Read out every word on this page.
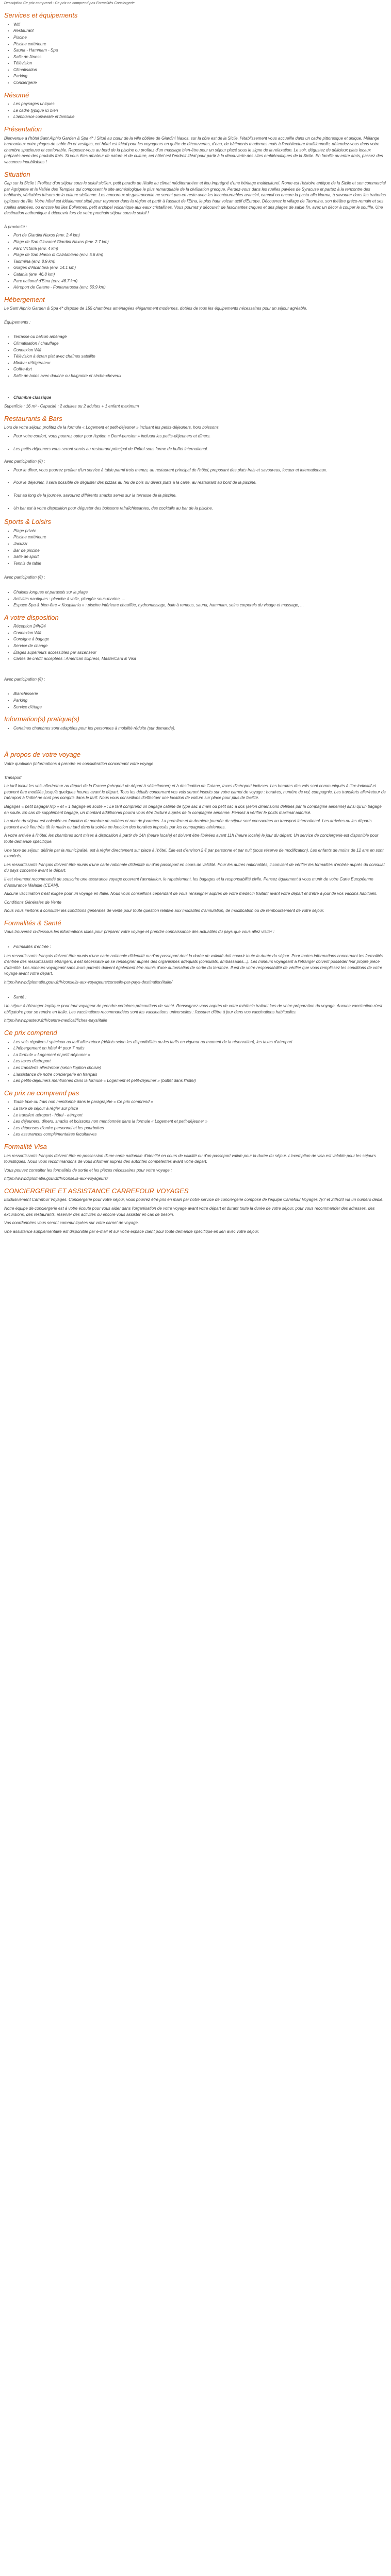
Description Ce prix comprend - Ce prix ne comprend pas Formalités Conciergerie
Services et équipements
• Wifi
• Restaurant
• Piscine
• Piscine extérieure
• Sauna - Hammam - Spa
• Salle de fitness
• Télévision
• Climatisation
• Parking
• Conciergerie
Résumé
• Les paysages uniques
• Le cadre typique ici bien
• L'ambiance conviviale et familiale
Présentation

Bienvenue à l'hôtel Sant Alphio Garden & Spa 4* ! Situé au cœur de la ville côtière de Giardini Naxos, sur la côte est de la Sicile, l'établissement vous accueille dans un cadre pittoresque et unique. Mélange harmonieux entre plages de sable fin et vestiges, cet hôtel est idéal pour les voyageurs en quête de découvertes, d'eau, de bâtiments modernes mais à l'architecture traditionnelle, détendez-vous dans votre chambre spacieuse et confortable. Reposez-vous au bord de la piscine ou profitez d'un massage bien-être pour un séjour placé sous le signe de la relaxation. Le soir, dégustez de délicieux plats locaux préparés avec des produits frais. Si vous êtes amateur de nature et de culture, cet hôtel est l'endroit idéal pour partir à la découverte des sites emblématiques de la Sicile. En famille ou entre amis, passez des vacances inoubliables !

Situation

Cap sur la Sicile ! Profitez d'un séjour sous le soleil sicilien, petit paradis de l'Italie au climat méditerranéen et lieu imprégné d'une héritage multiculturel. Rome est l'histoire antique de la Sicile et son commercial par Agrigente et la Vallée des Temples qui composent le site archéologique le plus remarquable de la civilisation grecque. Perdez-vous dans les ruelles pavées de Syracuse et partez à la rencontre des habitants, véritables trésors de la culture sicilienne. Les amoureux de gastronomie ne seront pas en reste avec les incontournables arancini, cannoli ou encore la pasta alla Norma, à savourer dans les trattorias typiques de l'île. Votre hôtel est idéalement situé pour rayonner dans la région et partir à l'assaut de l'Etna, le plus haut volcan actif d'Europe. Découvrez le village de Taormina, son théâtre gréco-romain et ses ruelles animées, ou encore les îles Éoliennes, petit archipel volcanique aux eaux cristallines. Vous pourrez y découvrir de fascinantes criques et des plages de sable fin, avec un décor à couper le souffle. Une destination authentique à découvrir lors de votre prochain séjour sous le soleil !

À proximité :

• Port de Giardini Naxos (env. 2.4 km)
• Plage de San Giovanni Giardini Naxos (env. 2.7 km)
• Parc Victoria (env. 4 km)
• Plage de San Marco di Calatabiano (env. 5.6 km)
• Taormina (env. 8.9 km)
• Gorges d'Alcantara (env. 14.1 km)
• Catania (env. 46.8 km)
• Parc national d'Etna (env. 46.7 km)
• Aéroport de Catane - Fontanarossa (env. 60.9 km)
Hébergement

Le Sant Alphio Garden & Spa 4* dispose de 155 chambres aménagées élégamment modernes, dotées de tous les équipements nécessaires pour un séjour agréable.

Équipements :

• Terrasse ou balcon aménagé
• Climatisation / chauffage
• Connexion Wifi
• Télévision à écran plat avec chaînes satellite
• Minibar réfrigérateur
• Coffre-fort
• Salle de bains avec douche ou baignoire et sèche-cheveux
• Chambre classique

Superficie : 16 m² - Capacité : 2 adultes ou 2 adultes + 1 enfant maximum

Restaurants & Bars

Lors de votre séjour, profitez de la formule « Logement et petit-déjeuner » incluant les petits-déjeuners, hors boissons.

• Pour votre confort, vous pourrez opter pour l'option « Demi-pension » incluant les petits-déjeuners et dîners.
• Les petits-déjeuners vous seront servis au restaurant principal de l'hôtel sous forme de buffet international.

Avec participation (€) :

• Pour le dîner, vous pourrez profiter d'un service à table parmi trois menus, au restaurant principal de l'hôtel, proposant des plats frais et savoureux, locaux et internationaux.
• Pour le déjeuner, il sera possible de déguster des pizzas au feu de bois ou divers plats à la carte, au restaurant au bord de la piscine.
• Tout au long de la journée, savourez différents snacks servis sur la terrasse de la piscine.
• Un bar est à votre disposition pour déguster des boissons rafraîchissantes, des cocktails au bar de la piscine.
Sports & Loisirs
• Plage privée
• Piscine extérieure
• Jacuzzi
• Bar de piscine
• Salle de sport
• Tennis de table

Avec participation (€) :

• Chaises longues et parasols sur la plage
• Activités nautiques : planche à voile, plongée sous-marine, ...
• Espace Spa & bien-être « Koupilania » : piscine intérieure chauffée, hydromassage, bain à remous, sauna, hammam, soins corporels du visage et massage, ...
A votre disposition
• Réception 24h/24
• Connexion Wifi
• Consigne à bagage
• Service de change
• Étages supérieurs accessibles par ascenseur
• Cartes de crédit acceptées : American Express, MasterCard & Visa

Avec participation (€) :

• Blanchisserie
• Parking
• Service d'étage
Information(s) pratique(s)
• Certaines chambres sont adaptées pour les personnes à mobilité réduite (sur demande).
À propos de votre voyage

Votre quotidien (informations à prendre en considération concernant votre voyage

Transport

Le tarif inclut les vols aller/retour au départ de la France (aéroport de départ à sélectionner) et à destination de Catane, taxes d'aéroport incluses. Les horaires des vols sont communiqués à titre indicatif et peuvent être modifiés jusqu'à quelques heures avant le départ. Tous les détails concernant vos vols seront inscrits sur votre carnet de voyage : horaires, numéro de vol, compagnie. Les transferts aller/retour de l'aéroport à l'hôtel ne sont pas compris dans le tarif. Nous vous conseillons d'effectuer une location de voiture sur place pour plus de facilité.

Bagages « petit bagage/Trip » et « 1 bagage en soute » : Le tarif comprend un bagage cabine de type sac à main ou petit sac à dos (selon dimensions définies par la compagnie aérienne) ainsi qu'un bagage en soute. En cas de supplément bagage, un montant additionnel pourra vous être facturé auprès de la compagnie aérienne. Pensez à vérifier le poids maximal autorisé.

La durée du séjour est calculée en fonction du nombre de nuitées et non de journées. La première et la dernière journée du séjour sont consacrées au transport international. Les arrivées ou les départs peuvent avoir lieu très tôt le matin ou tard dans la soirée en fonction des horaires imposés par les compagnies aériennes.

À votre arrivée à l'hôtel, les chambres sont mises à disposition à partir de 14h (heure locale) et doivent être libérées avant 11h (heure locale) le jour du départ. Un service de conciergerie est disponible pour toute demande spécifique.

Une taxe de séjour, définie par la municipalité, est à régler directement sur place à l'hôtel. Elle est d'environ 2 € par personne et par nuit (sous réserve de modification). Les enfants de moins de 12 ans en sont exonérés.

Les ressortissants français doivent être munis d'une carte nationale d'identité ou d'un passeport en cours de validité. Pour les autres nationalités, il convient de vérifier les formalités d'entrée auprès du consulat du pays concerné avant le départ.

Il est vivement recommandé de souscrire une assurance voyage couvrant l'annulation, le rapatriement, les bagages et la responsabilité civile. Pensez également à vous munir de votre Carte Européenne d'Assurance Maladie (CEAM).

Aucune vaccination n'est exigée pour un voyage en Italie. Nous vous conseillons cependant de vous renseigner auprès de votre médecin traitant avant votre départ et d'être à jour de vos vaccins habituels.

Conditions Générales de Vente

Nous vous invitons à consulter les conditions générales de vente pour toute question relative aux modalités d'annulation, de modification ou de remboursement de votre séjour.

Formalités & Santé

Vous trouverez ci-dessous les informations utiles pour préparer votre voyage et prendre connaissance des actualités du pays que vous allez visiter :

• Formalités d'entrée :

Les ressortissants français doivent être munis d'une carte nationale d'identité ou d'un passeport dont la durée de validité doit couvrir toute la durée du séjour. Pour toutes informations concernant les formalités d'entrée des ressortissants étrangers, il est nécessaire de se renseigner auprès des organismes adéquats (consulats, ambassades...). Les mineurs voyageant à l'étranger doivent posséder leur propre pièce d'identité. Les mineurs voyageant sans leurs parents doivent également être munis d'une autorisation de sortie du territoire. Il est de votre responsabilité de vérifier que vous remplissez les conditions de votre voyage avant votre départ.

https://www.diplomatie.gouv.fr/fr/conseils-aux-voyageurs/conseils-par-pays-destination/italie/

• Santé :

Un séjour à l'étranger implique pour tout voyageur de prendre certaines précautions de santé. Renseignez-vous auprès de votre médecin traitant lors de votre préparation du voyage. Aucune vaccination n'est obligatoire pour se rendre en Italie. Les vaccinations recommandées sont les vaccinations universelles : l'assurer d'être à jour dans vos vaccinations habituelles.

https://www.pasteur.fr/fr/centre-medical/fiches-pays/italie

Ce prix comprend
• Les vols réguliers / spéciaux au tarif aller-retour (définis selon les disponibilités ou les tarifs en vigueur au moment de la réservation), les taxes d'aéroport
• L'hébergement en hôtel 4* pour 7 nuits
• La formule « Logement et petit-déjeuner »
• Les taxes d'aéroport
• Les transferts aller/retour (selon l'option choisie)
• L'assistance de notre conciergerie en français
• Les petits-déjeuners mentionnés dans la formule « Logement et petit-déjeuner » (buffet dans l'hôtel)
Ce prix ne comprend pas
• Toute taxe ou frais non mentionné dans le paragraphe « Ce prix comprend »
• La taxe de séjour à régler sur place
• Le transfert aéroport - hôtel - aéroport
• Les déjeuners, dîners, snacks et boissons non mentionnés dans la formule « Logement et petit-déjeuner »
• Les dépenses d'ordre personnel et les pourboires
• Les assurances complémentaires facultatives
Formalité Visa

Les ressortissants français doivent être en possession d'une carte nationale d'identité en cours de validité ou d'un passeport valide pour la durée du séjour. L'exemption de visa est valable pour les séjours touristiques. Nous vous recommandons de vous informer auprès des autorités compétentes avant votre départ.

Vous pouvez consulter les formalités de sortie et les pièces nécessaires pour votre voyage :

https://www.diplomatie.gouv.fr/fr/conseils-aux-voyageurs/

CONCIERGERIE ET ASSISTANCE CARREFOUR VOYAGES

Exclusivement Carrefour Voyages. Conciergerie pour votre séjour, vous pourrez être pris en main par notre service de conciergerie composé de l'équipe Carrefour Voyages 7j/7 et 24h/24 via un numéro dédié.

Notre équipe de conciergerie est à votre écoute pour vous aider dans l'organisation de votre voyage avant votre départ et durant toute la durée de votre séjour, pour vous recommander des adresses, des excursions, des restaurants, réserver des activités ou encore vous assister en cas de besoin.

Vos coordonnées vous seront communiquées sur votre carnet de voyage.

Une assistance supplémentaire est disponible par e-mail et sur votre espace client pour toute demande spécifique en lien avec votre séjour.
